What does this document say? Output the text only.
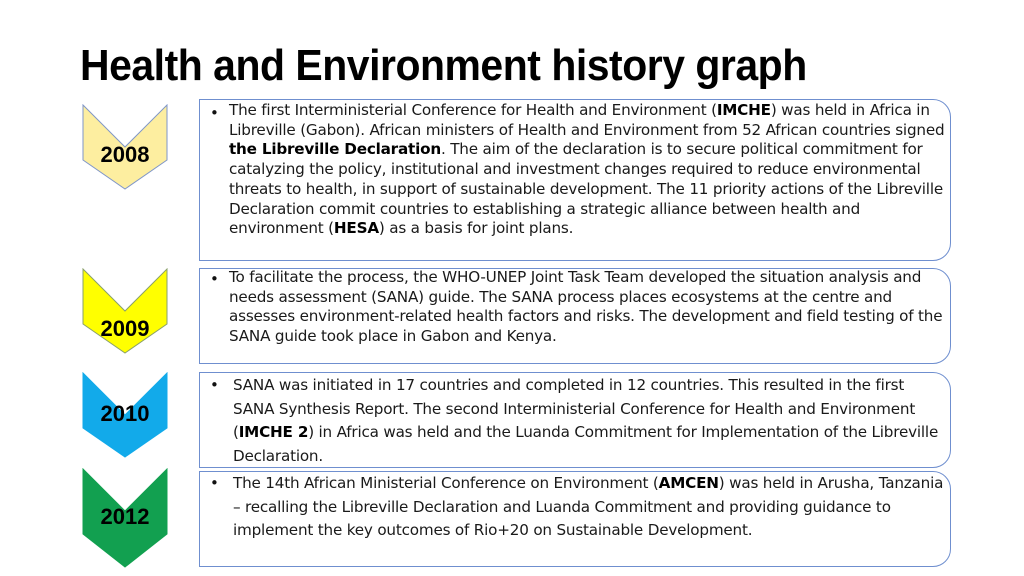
Health and Environment history graph
2008
• The first Interministerial Conference for Health and Environment (IMCHE) was held in Africa in Libreville (Gabon). African ministers of Health and Environment from 52 African countries signed the Libreville Declaration. The aim of the declaration is to secure political commitment for catalyzing the policy, institutional and investment changes required to reduce environmental threats to health, in support of sustainable development. The 11 priority actions of the Libreville Declaration commit countries to establishing a strategic alliance between health and environment (HESA) as a basis for joint plans.

2009
• To facilitate the process, the WHO-UNEP Joint Task Team developed the situation analysis and needs assessment (SANA) guide. The SANA process places ecosystems at the centre and assesses environment-related health factors and risks. The development and field testing of the SANA guide took place in Gabon and Kenya.

2010
• SANA was initiated in 17 countries and completed in 12 countries. This resulted in the first SANA Synthesis Report. The second Interministerial Conference for Health and Environment (IMCHE 2) in Africa was held and the Luanda Commitment for Implementation of the Libreville Declaration.

2012
• The 14th African Ministerial Conference on Environment (AMCEN) was held in Arusha, Tanzania – recalling the Libreville Declaration and Luanda Commitment and providing guidance to implement the key outcomes of Rio+20 on Sustainable Development.
